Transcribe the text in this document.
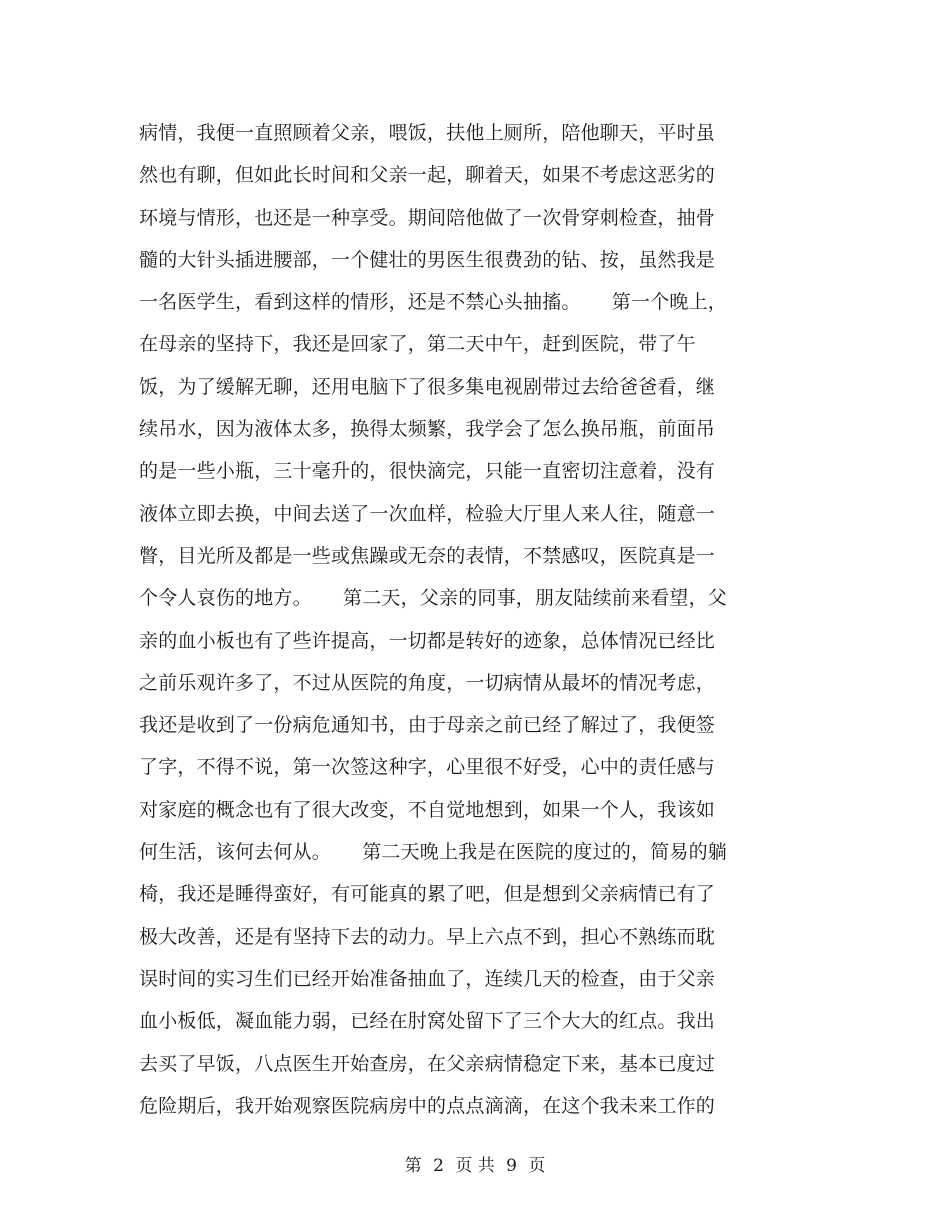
病情，我便一直照顾着父亲，喂饭，扶他上厕所，陪他聊天，平时虽
然也有聊，但如此长时间和父亲一起，聊着天，如果不考虑这恶劣的
环境与情形，也还是一种享受。期间陪他做了一次骨穿刺检查，抽骨
髓的大针头插进腰部，一个健壮的男医生很费劲的钻、按，虽然我是
一名医学生，看到这样的情形，还是不禁心头抽搐。     第一个晚上，
在母亲的坚持下，我还是回家了，第二天中午，赶到医院，带了午
饭，为了缓解无聊，还用电脑下了很多集电视剧带过去给爸爸看，继
续吊水，因为液体太多，换得太频繁，我学会了怎么换吊瓶，前面吊
的是一些小瓶，三十毫升的，很快滴完，只能一直密切注意着，没有
液体立即去换，中间去送了一次血样，检验大厅里人来人往，随意一
瞥，目光所及都是一些或焦躁或无奈的表情，不禁感叹，医院真是一
个令人哀伤的地方。     第二天，父亲的同事，朋友陆续前来看望，父
亲的血小板也有了些许提高，一切都是转好的迹象，总体情况已经比
之前乐观许多了，不过从医院的角度，一切病情从最坏的情况考虑，
我还是收到了一份病危通知书，由于母亲之前已经了解过了，我便签
了字，不得不说，第一次签这种字，心里很不好受，心中的责任感与
对家庭的概念也有了很大改变，不自觉地想到，如果一个人，我该如
何生活，该何去何从。     第二天晚上我是在医院的度过的，简易的躺
椅，我还是睡得蛮好，有可能真的累了吧，但是想到父亲病情已有了
极大改善，还是有坚持下去的动力。早上六点不到，担心不熟练而耽
误时间的实习生们已经开始准备抽血了，连续几天的检查，由于父亲
血小板低，凝血能力弱，已经在肘窝处留下了三个大大的红点。我出
去买了早饭，八点医生开始查房，在父亲病情稳定下来，基本已度过
危险期后，我开始观察医院病房中的点点滴滴，在这个我未来工作的
第 2 页 共 9 页
